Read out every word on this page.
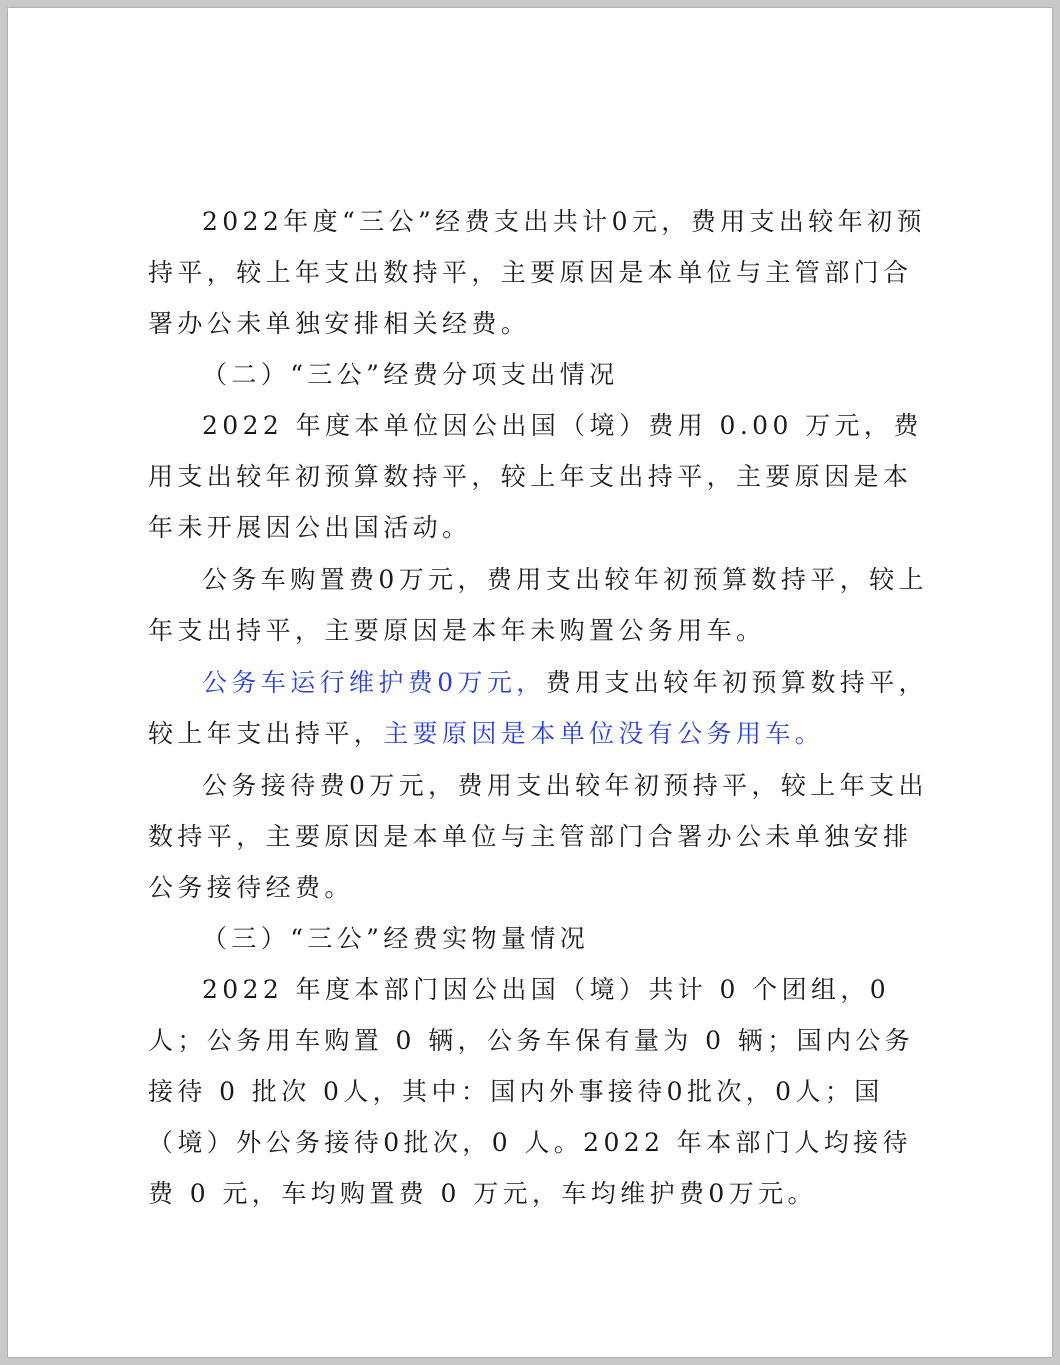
2022年度“三公”经费支出共计0元，费用支出较年初预持平，较上年支出数持平，主要原因是本单位与主管部门合署办公未单独安排相关经费。

（二）“三公”经费分项支出情况

2022 年度本单位因公出国（境）费用 0.00 万元，费用支出较年初预算数持平，较上年支出持平，主要原因是本年未开展因公出国活动。

公务车购置费0万元，费用支出较年初预算数持平，较上年支出持平，主要原因是本年未购置公务用车。

公务车运行维护费0万元，费用支出较年初预算数持平，较上年支出持平，主要原因是本单位没有公务用车。

公务接待费0万元，费用支出较年初预持平，较上年支出数持平，主要原因是本单位与主管部门合署办公未单独安排公务接待经费。

（三）“三公”经费实物量情况

2022 年度本部门因公出国（境）共计 0 个团组，0 人；公务用车购置 0 辆，公务车保有量为 0 辆；国内公务接待 0 批次 0人，其中：国内外事接待0批次，0人；国（境）外公务接待0批次，0 人。2022 年本部门人均接待费 0 元，车均购置费 0 万元，车均维护费0万元。
